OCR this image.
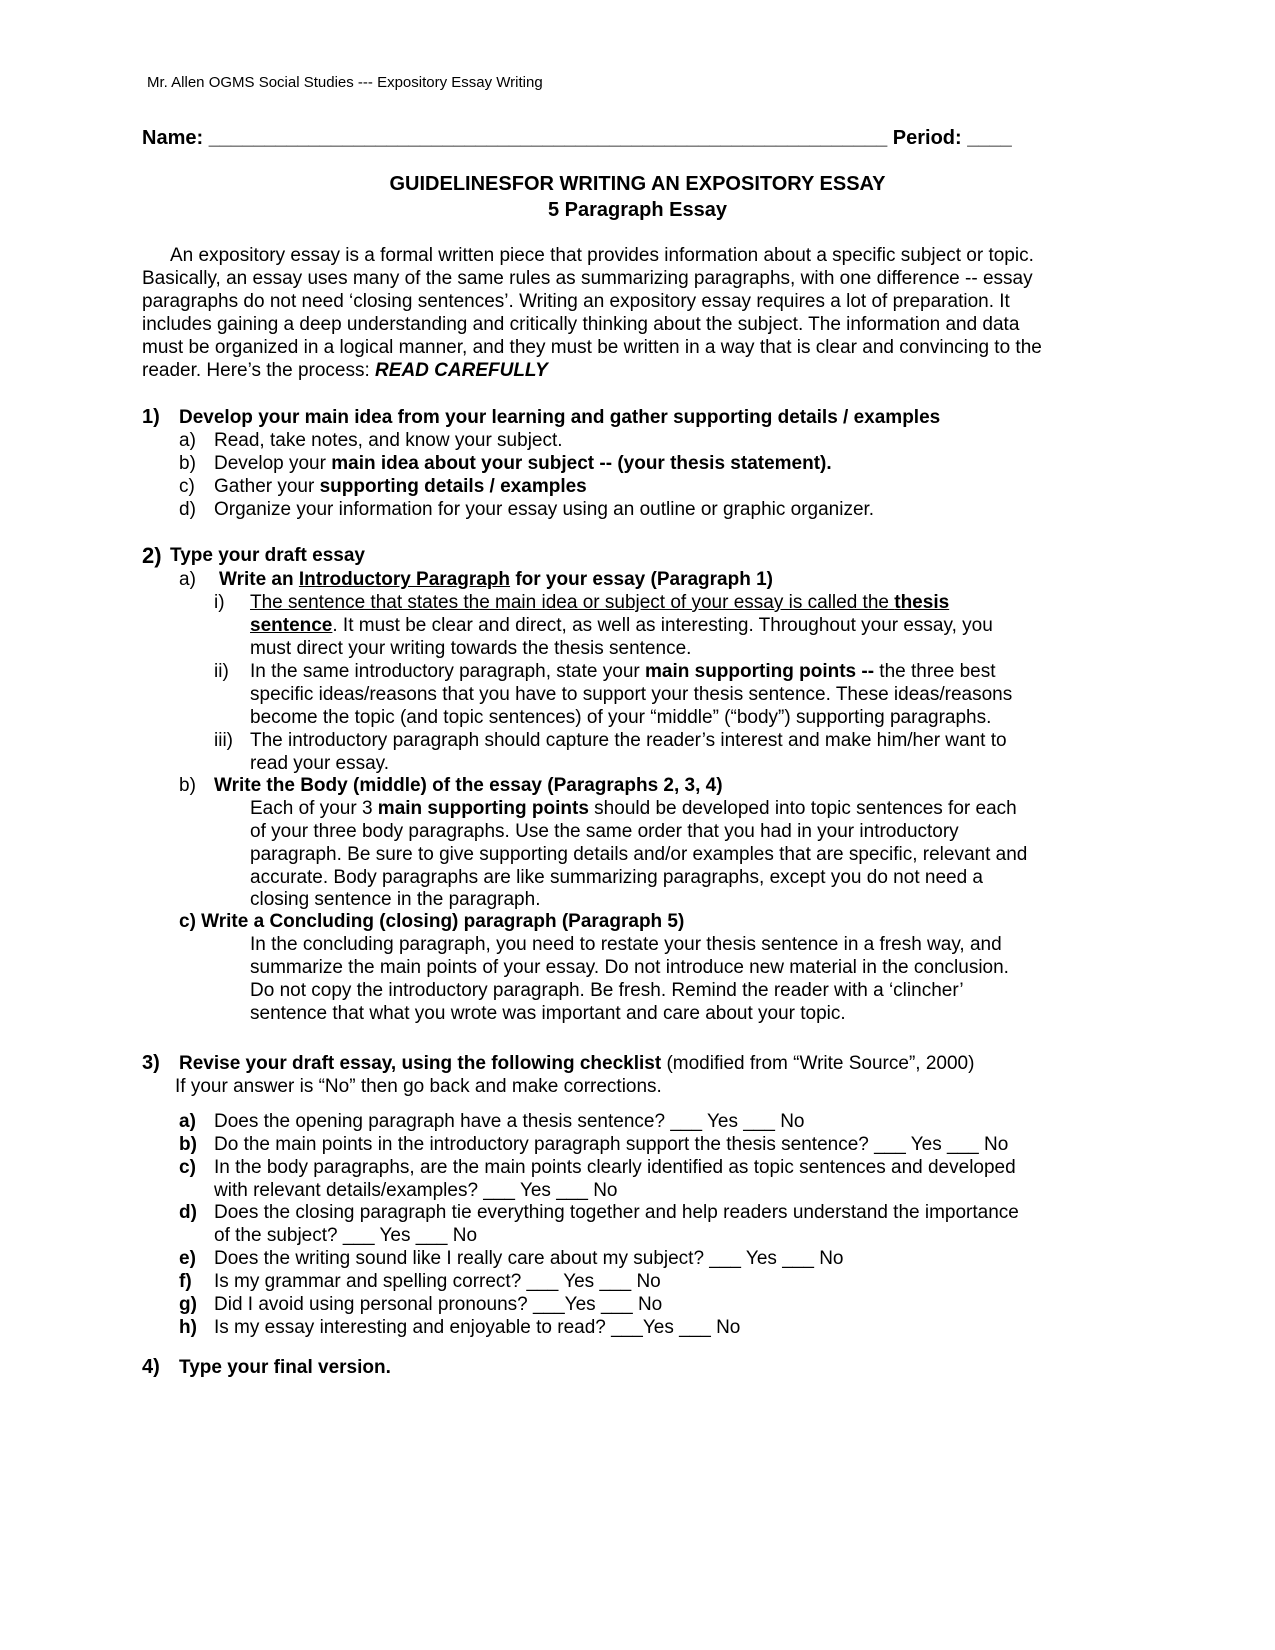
Mr. Allen OGMS Social Studies --- Expository Essay Writing
Name: _____________________________________________________________ Period: ____
GUIDELINESFOR WRITING AN EXPOSITORY ESSAY
5 Paragraph Essay
An expository essay is a formal written piece that provides information about a specific subject or topic.
Basically, an essay uses many of the same rules as summarizing paragraphs, with one difference -- essay
paragraphs do not need ‘closing sentences’. Writing an expository essay requires a lot of preparation. It
includes gaining a deep understanding and critically thinking about the subject. The information and data
must be organized in a logical manner, and they must be written in a way that is clear and convincing to the
reader. Here’s the process: READ CAREFULLY
1) Develop your main idea from your learning and gather supporting details / examples
a) Read, take notes, and know your subject.
b) Develop your main idea about your subject -- (your thesis statement).
c) Gather your supporting details / examples
d) Organize your information for your essay using an outline or graphic organizer.
2) Type your draft essay
a) Write an Introductory Paragraph for your essay (Paragraph 1)
i) The sentence that states the main idea or subject of your essay is called the thesis
sentence. It must be clear and direct, as well as interesting. Throughout your essay, you
must direct your writing towards the thesis sentence.
ii) In the same introductory paragraph, state your main supporting points -- the three best
specific ideas/reasons that you have to support your thesis sentence. These ideas/reasons
become the topic (and topic sentences) of your “middle” (“body”) supporting paragraphs.
iii) The introductory paragraph should capture the reader’s interest and make him/her want to
read your essay.
b) Write the Body (middle) of the essay (Paragraphs 2, 3, 4)
Each of your 3 main supporting points should be developed into topic sentences for each
of your three body paragraphs. Use the same order that you had in your introductory
paragraph. Be sure to give supporting details and/or examples that are specific, relevant and
accurate. Body paragraphs are like summarizing paragraphs, except you do not need a
closing sentence in the paragraph.
c) Write a Concluding (closing) paragraph (Paragraph 5)
In the concluding paragraph, you need to restate your thesis sentence in a fresh way, and
summarize the main points of your essay. Do not introduce new material in the conclusion.
Do not copy the introductory paragraph. Be fresh. Remind the reader with a ‘clincher’
sentence that what you wrote was important and care about your topic.
3) Revise your draft essay, using the following checklist (modified from “Write Source”, 2000)
If your answer is “No” then go back and make corrections.
a) Does the opening paragraph have a thesis sentence? ___ Yes ___ No
b) Do the main points in the introductory paragraph support the thesis sentence? ___ Yes ___ No
c) In the body paragraphs, are the main points clearly identified as topic sentences and developed
with relevant details/examples? ___ Yes ___ No
d) Does the closing paragraph tie everything together and help readers understand the importance
of the subject? ___ Yes ___ No
e) Does the writing sound like I really care about my subject? ___ Yes ___ No
f) Is my grammar and spelling correct? ___ Yes ___ No
g) Did I avoid using personal pronouns? ___Yes ___ No
h) Is my essay interesting and enjoyable to read? ___Yes ___ No
4) Type your final version.
